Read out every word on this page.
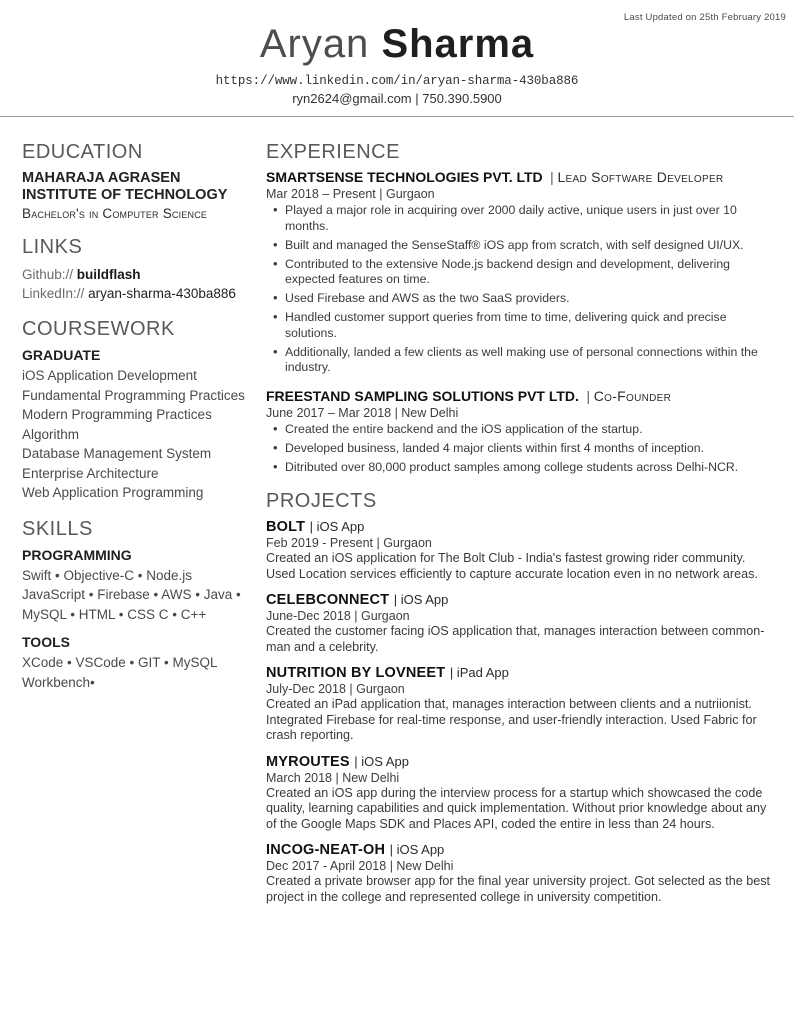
Last Updated on 25th February 2019
Aryan Sharma
https://www.linkedin.com/in/aryan-sharma-430ba886
ryn2624@gmail.com | 750.390.5900
EDUCATION
MAHARAJA AGRASEN INSTITUTE OF TECHNOLOGY
Bachelor's in Computer Science
LINKS
Github:// buildflash
LinkedIn:// aryan-sharma-430ba886
COURSEWORK
GRADUATE
iOS Application Development
Fundamental Programming Practices
Modern Programming Practices
Algorithm
Database Management System
Enterprise Architecture
Web Application Programming
SKILLS
PROGRAMMING
Swift • Objective-C • Node.js JavaScript • Firebase • AWS • Java • MySQL • HTML • CSS C • C++
TOOLS
XCode • VSCode • GIT • MySQL Workbench•
EXPERIENCE
SMARTSENSE TECHNOLOGIES PVT. LTD  | Lead Software Developer
Mar 2018 – Present | Gurgaon
• Played a major role in acquiring over 2000 daily active, unique users in just over 10 months.
• Built and managed the SenseStaff® iOS app from scratch, with self designed UI/UX.
• Contributed to the extensive Node.js backend design and development, delivering expected features on time.
• Used Firebase and AWS as the two SaaS providers.
• Handled customer support queries from time to time, delivering quick and precise solutions.
• Additionally, landed a few clients as well making use of personal connections within the industry.
FREESTAND SAMPLING SOLUTIONS PVT LTD.  | Co-Founder
June 2017 – Mar 2018 | New Delhi
• Created the entire backend and the iOS application of the startup.
• Developed business, landed 4 major clients within first 4 months of inception.
• Ditributed over 80,000 product samples among college students across Delhi-NCR.
PROJECTS
BOLT | iOS App
Feb 2019 - Present | Gurgaon
Created an iOS application for The Bolt Club - India's fastest growing rider community. Used Location services efficiently to capture accurate location even in no network areas.
CELEBCONNECT | iOS App
June-Dec 2018 | Gurgaon
Created the customer facing iOS application that, manages interaction between common-man and a celebrity.
NUTRITION BY LOVNEET | iPad App
July-Dec 2018 | Gurgaon
Created an iPad application that, manages interaction between clients and a nutriionist. Integrated Firebase for real-time response, and user-friendly interaction. Used Fabric for crash reporting.
MYROUTES | iOS App
March 2018 | New Delhi
Created an iOS app during the interview process for a startup which showcased the code quality, learning capabilities and quick implementation. Without prior knowledge about any of the Google Maps SDK and Places API, coded the entire in less than 24 hours.
INCOG-NEAT-OH | iOS App
Dec 2017 - April 2018 | New Delhi
Created a private browser app for the final year university project. Got selected as the best project in the college and represented college in university competition.
